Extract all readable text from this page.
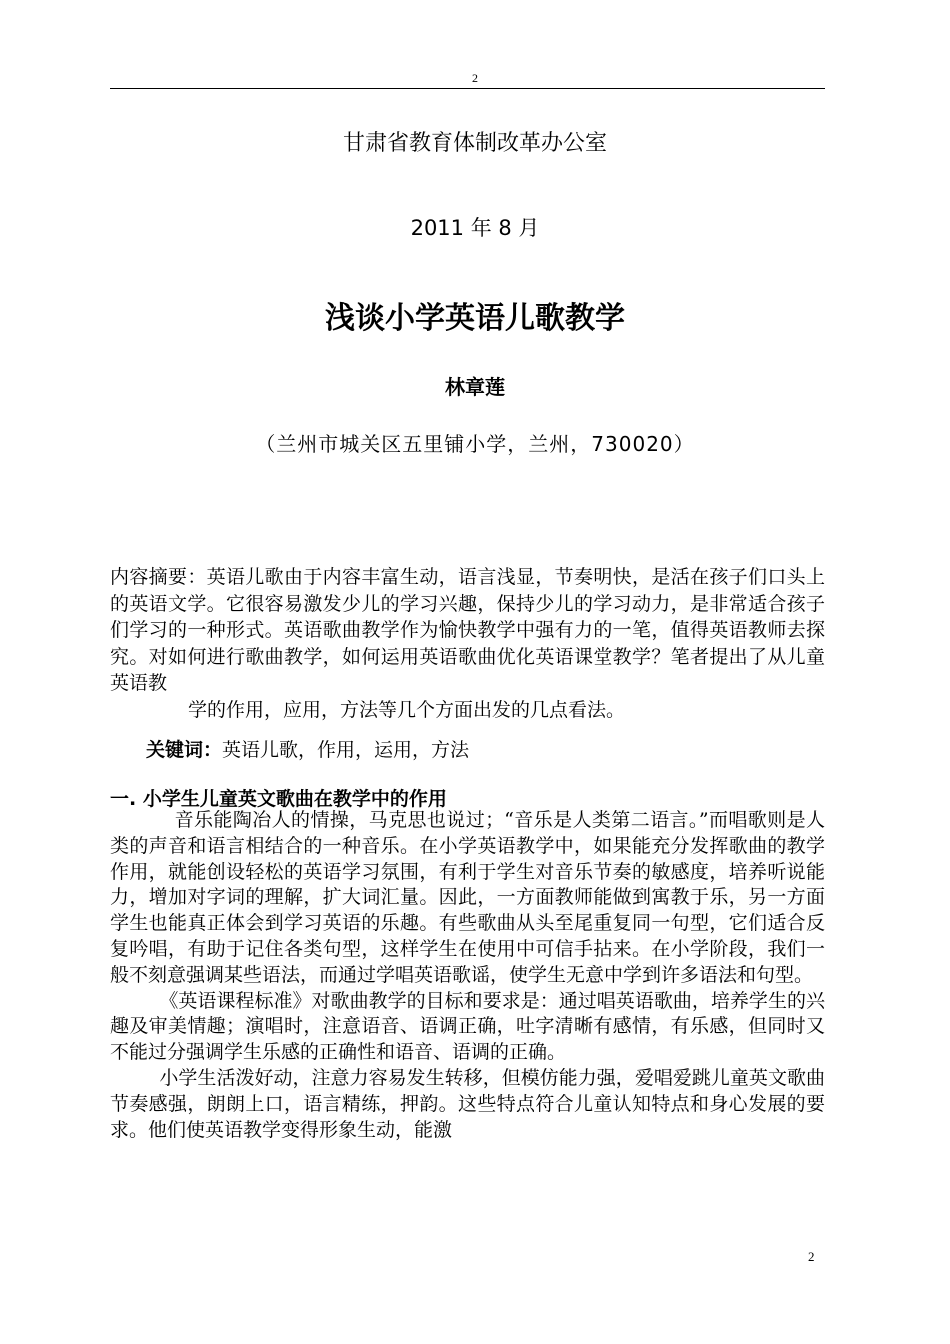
2
甘肃省教育体制改革办公室
2011 年 8 月
浅谈小学英语儿歌教学
林章莲
（兰州市城关区五里铺小学，兰州，730020）
内容摘要：英语儿歌由于内容丰富生动，语言浅显，节奏明快，是活在孩子们口头上的英语文学。它很容易激发少儿的学习兴趣，保持少儿的学习动力，是非常适合孩子们学习的一种形式。英语歌曲教学作为愉快教学中强有力的一笔，值得英语教师去探究。对如何进行歌曲教学，如何运用英语歌曲优化英语课堂教学？笔者提出了从儿童英语教
学的作用，应用，方法等几个方面出发的几点看法。
关键词：英语儿歌，作用，运用，方法
一. 小学生儿童英文歌曲在教学中的作用

音乐能陶冶人的情操，马克思也说过；“音乐是人类第二语言。”而唱歌则是人类的声音和语言相结合的一种音乐。在小学英语教学中，如果能充分发挥歌曲的教学作用，就能创设轻松的英语学习氛围，有利于学生对音乐节奏的敏感度，培养听说能力，增加对字词的理解，扩大词汇量。因此，一方面教师能做到寓教于乐，另一方面学生也能真正体会到学习英语的乐趣。有些歌曲从头至尾重复同一句型，它们适合反复吟唱，有助于记住各类句型，这样学生在使用中可信手拈来。在小学阶段，我们一般不刻意强调某些语法，而通过学唱英语歌谣，使学生无意中学到许多语法和句型。

《英语课程标准》对歌曲教学的目标和要求是：通过唱英语歌曲，培养学生的兴趣及审美情趣；演唱时，注意语音、语调正确，吐字清晰有感情，有乐感，但同时又不能过分强调学生乐感的正确性和语音、语调的正确。

小学生活泼好动，注意力容易发生转移，但模仿能力强，爱唱爱跳儿童英文歌曲节奏感强，朗朗上口，语言精练，押韵。这些特点符合儿童认知特点和身心发展的要求。他们使英语教学变得形象生动，能激

2
